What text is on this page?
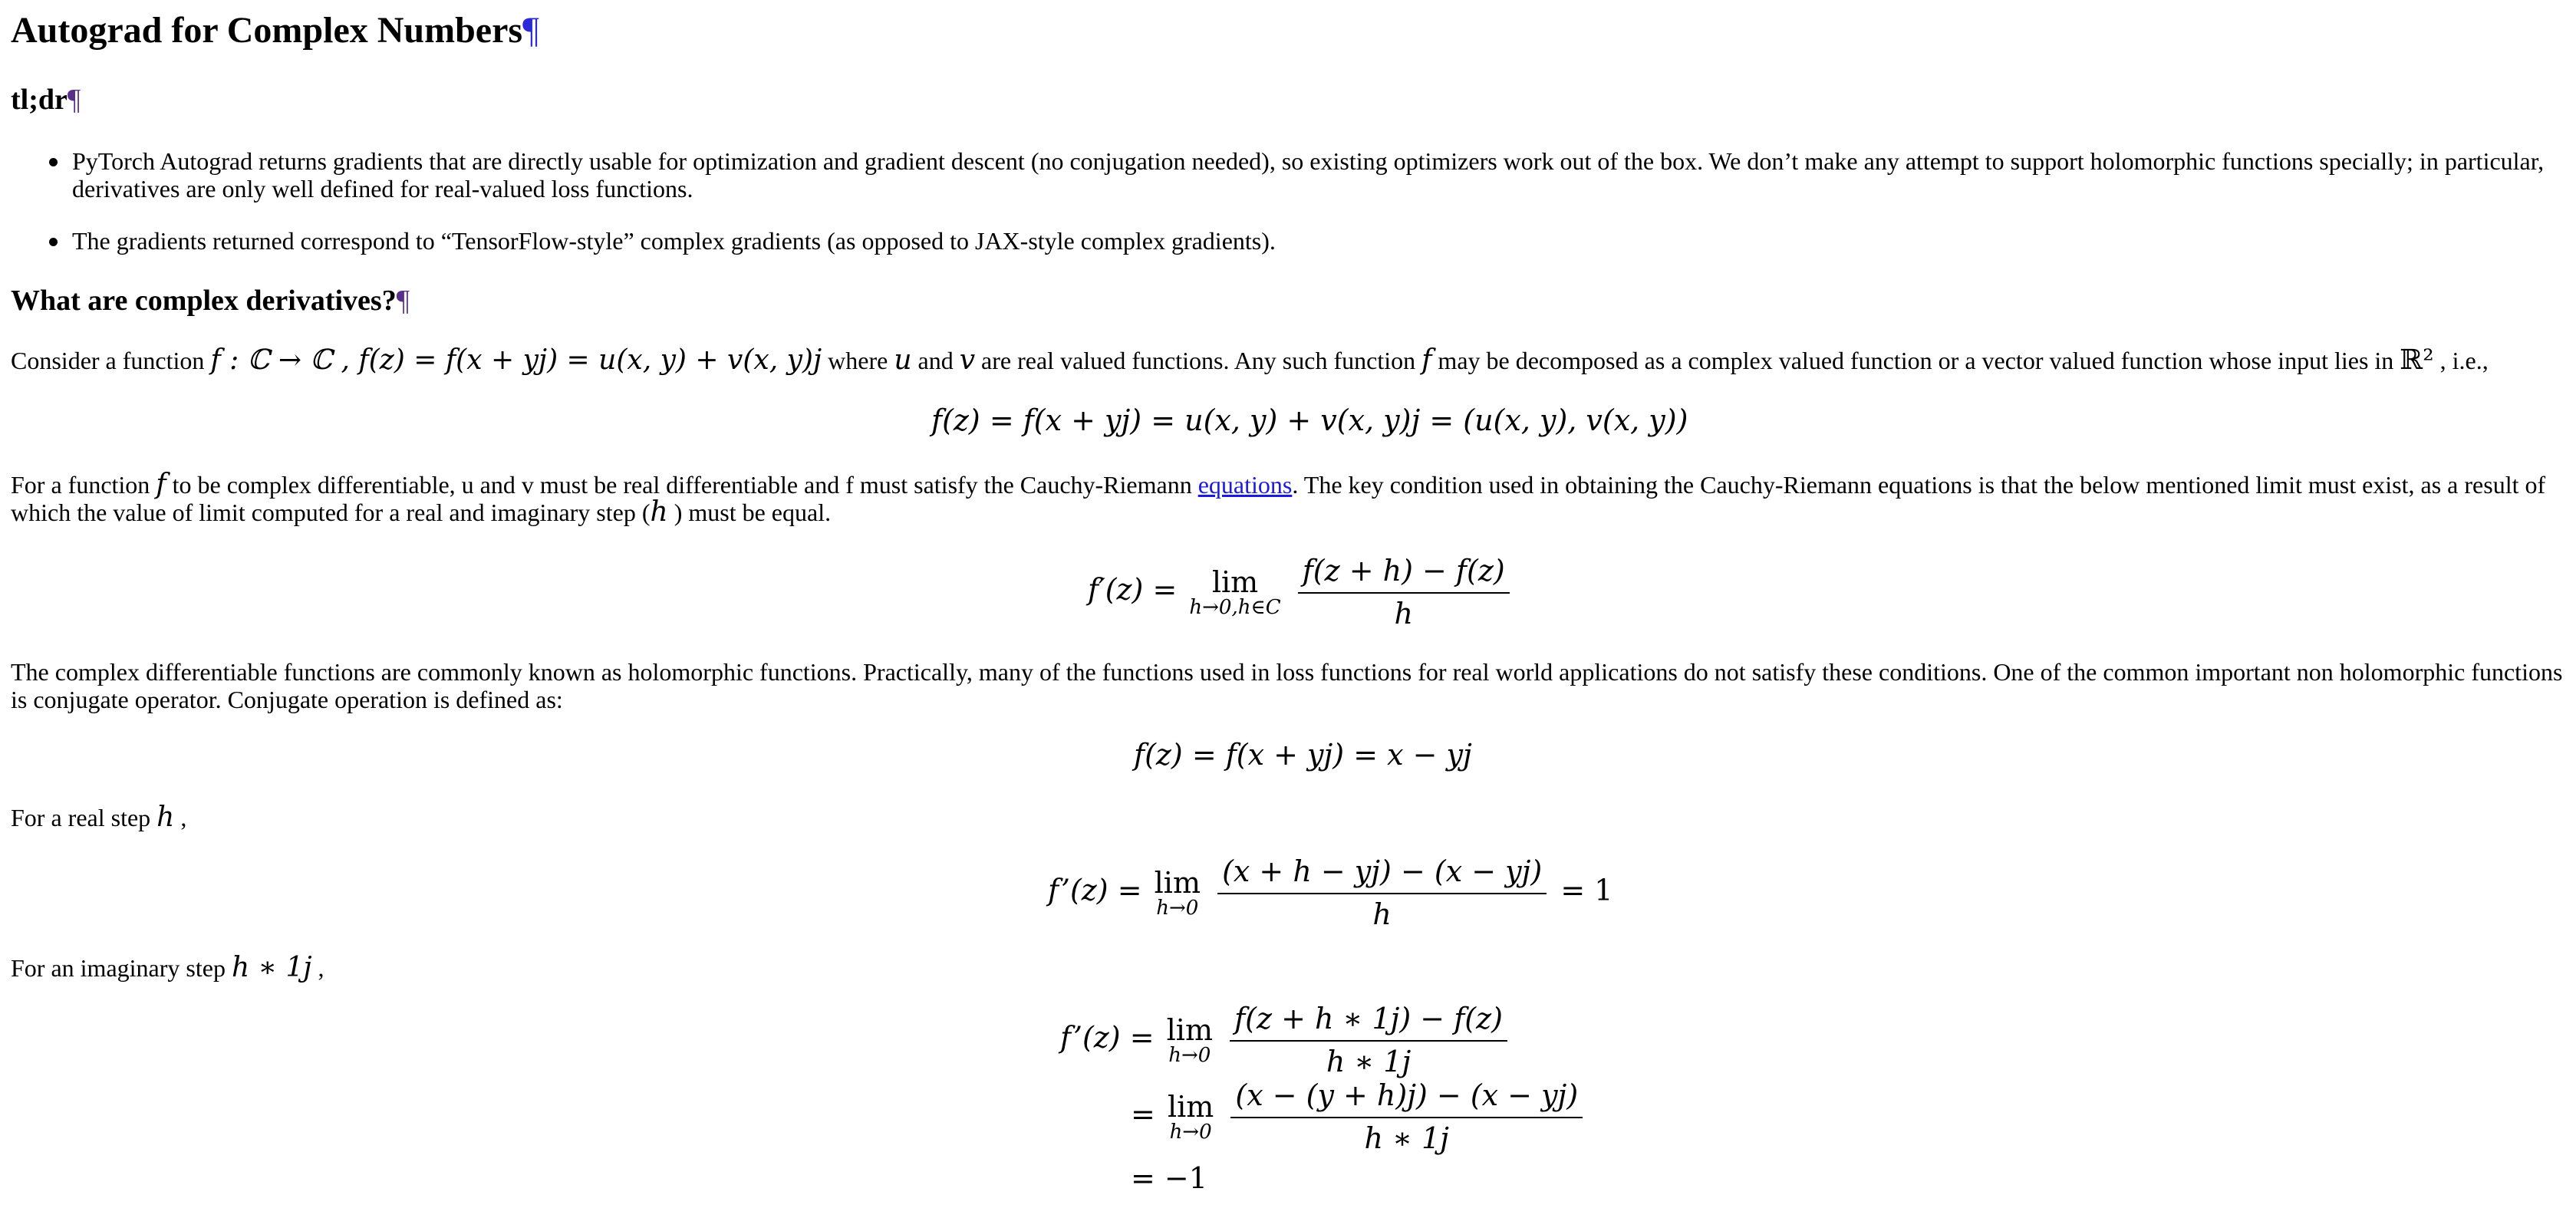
Autograd for Complex Numbers¶
tl;dr¶
PyTorch Autograd returns gradients that are directly usable for optimization and gradient descent (no conjugation needed), so existing optimizers work out of the box. We don’t make any attempt to support holomorphic functions specially; in particular, derivatives are only well defined for real-valued loss functions.
The gradients returned correspond to “TensorFlow-style” complex gradients (as opposed to JAX-style complex gradients).
What are complex derivatives?¶

Consider a function f : ℂ → ℂ , f(z) = f(x + yj) = u(x, y) + v(x, y)j where u and v are real valued functions. Any such function f may be decomposed as a complex valued function or a vector valued function whose input lies in ℝ² , i.e.,

f(z) = f(x + yj) = u(x, y) + v(x, y)j = (u(x, y), v(x, y))

For a function f to be complex differentiable, u and v must be real differentiable and f must satisfy the Cauchy-Riemann equations. The key condition used in obtaining the Cauchy-Riemann equations is that the below mentioned limit must exist, as a result of which the value of limit computed for a real and imaginary step (h ) must be equal.

f′(z) =	lim
h→0,h∈C
$\frac{f(z + h) - f(z)}{h}$

The complex differentiable functions are commonly known as holomorphic functions. Practically, many of the functions used in loss functions for real world applications do not satisfy these conditions. One of the common important non holomorphic functions is conjugate operator. Conjugate operation is defined as:

f(z) = f(x + yj) = x − yj

For a real step h ,

f’(z) = lim
h→0
$\frac{(x + h - yj) - (x - yj)}{h} = 1$

For an imaginary step h ∗ 1j ,

f’(z) = lim
h→0
$\frac{f(z + h ∗ 1j) - f(z)}{h ∗ 1j}$
= lim
h→0
$\frac{(x - (y + h)j) - (x - yj)}{h ∗ 1j}$
= −1
